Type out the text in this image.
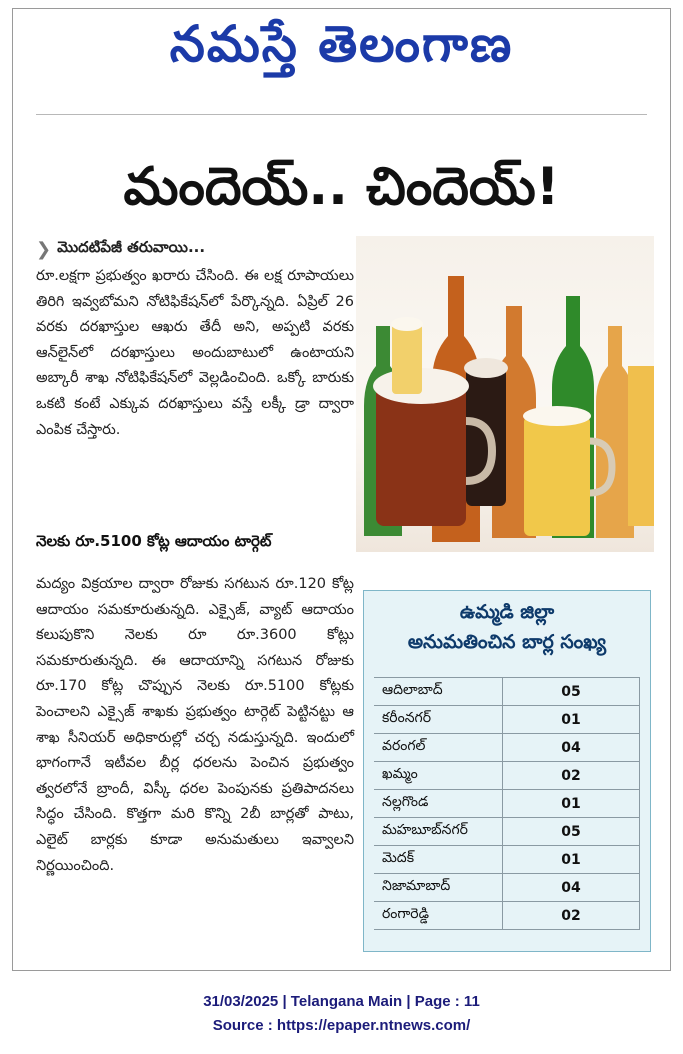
నమస్తే తెలంగాణ
మందెయ్.. చిందెయ్!
❯ మొదటిపేజీ తరువాయి...
రూ.లక్షగా ప్రభుత్వం ఖరారు చేసింది. ఈ లక్ష రూపాయలు తిరిగి ఇవ్వబోమని నోటిఫికేషన్‌లో పేర్కొన్నది. ఏప్రిల్ 26 వరకు దరఖాస్తుల ఆఖరు తేదీ అని, అప్పటి వరకు ఆన్‌లైన్‌లో దరఖాస్తులు అందుబాటులో ఉంటాయని అబ్కారీ శాఖ నోటిఫికేషన్‌లో వెల్లడించింది. ఒక్కో బారుకు ఒకటి కంటే ఎక్కువ దరఖాస్తులు వస్తే లక్కీ డ్రా ద్వారా ఎంపిక చేస్తారు.
నెలకు రూ.5100 కోట్ల ఆదాయం టార్గెట్
మద్యం విక్రయాల ద్వారా రోజుకు సగటున రూ.120 కోట్ల ఆదాయం సమకూరుతున్నది. ఎక్సైజ్, వ్యాట్ ఆదాయం కలుపుకొని నెలకు రూ రూ.3600 కోట్లు సమకూరుతున్నది. ఈ ఆదాయాన్ని సగటున రోజుకు రూ.170 కోట్ల చొప్పున నెలకు రూ.5100 కోట్లకు పెంచాలని ఎక్సైజ్ శాఖకు ప్రభుత్వం టార్గెట్ పెట్టినట్టు ఆ శాఖ సీనియర్ అధికారుల్లో చర్చ నడుస్తున్నది. ఇందులో భాగంగానే ఇటీవల బీర్ల ధరలను పెంచిన ప్రభుత్వం త్వరలోనే బ్రాందీ, విస్కీ ధరల పెంపునకు ప్రతిపాదనలు సిద్ధం చేసింది. కొత్తగా మరి కొన్ని 2బీ బార్లతో పాటు, ఎలైట్ బార్లకు కూడా అనుమతులు ఇవ్వాలని నిర్ణయించింది.
ఉమ్మడి జిల్లా
అనుమతించిన బార్ల సంఖ్య
ఆదిలాబాద్	05
కరీంనగర్	01
వరంగల్	04
ఖమ్మం	02
నల్లగొండ	01
మహబూబ్‌నగర్	05
మెదక్	01
నిజామాబాద్	04
రంగారెడ్డి	02
31/03/2025 | Telangana Main | Page : 11
Source : https://epaper.ntnews.com/
